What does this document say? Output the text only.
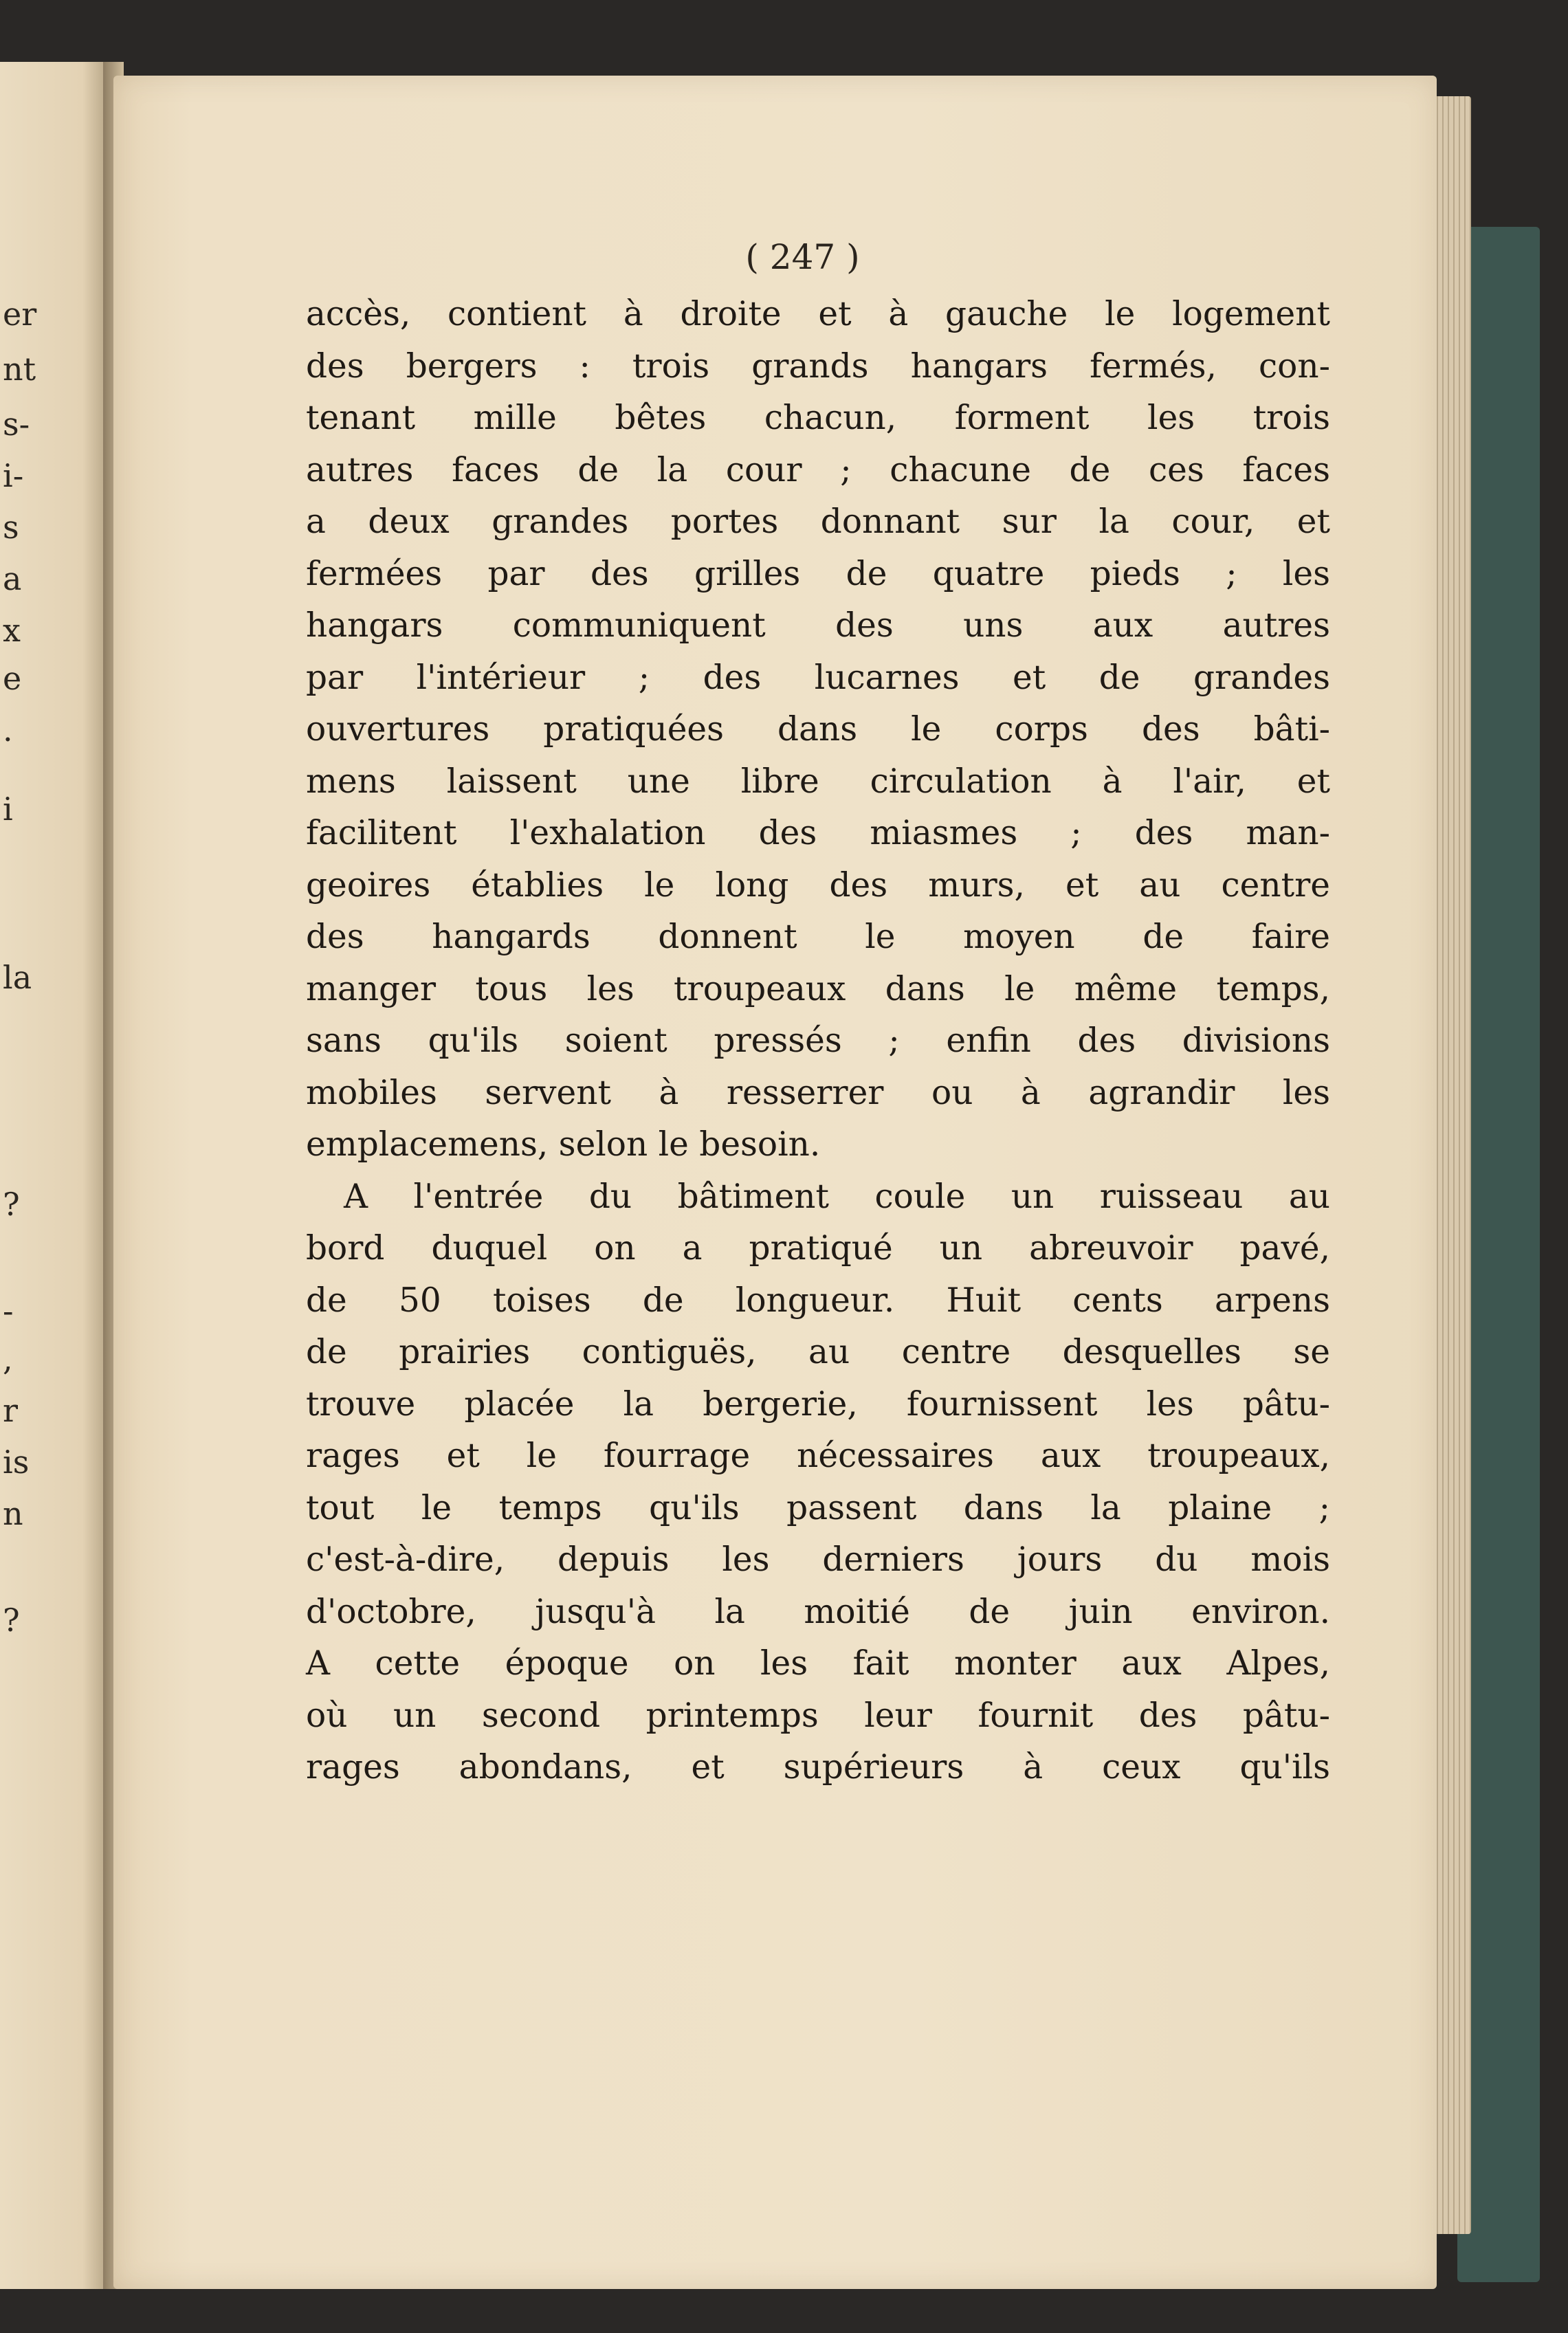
er
nt
s-
i-
s
a
x
e
.
i
la
?
-
,
r
is
n
?
( 247 )
accès, contient à droite et à gauche le logement
des bergers : trois grands hangars fermés, con-
tenant mille bêtes chacun, forment les trois
autres faces de la cour ; chacune de ces faces
a deux grandes portes donnant sur la cour, et
fermées par des grilles de quatre pieds ; les
hangars communiquent des uns aux autres
par l'intérieur ; des lucarnes et de grandes
ouvertures pratiquées dans le corps des bâti-
mens laissent une libre circulation à l'air, et
facilitent l'exhalation des miasmes ; des man-
geoires établies le long des murs, et au centre
des hangards donnent le moyen de faire
manger tous les troupeaux dans le même temps,
sans qu'ils soient pressés ; enfin des divisions
mobiles servent à resserrer ou à agrandir les
emplacemens, selon le besoin.
A l'entrée du bâtiment coule un ruisseau au
bord duquel on a pratiqué un abreuvoir pavé,
de 50 toises de longueur. Huit cents arpens
de prairies contiguës, au centre desquelles se
trouve placée la bergerie, fournissent les pâtu-
rages et le fourrage nécessaires aux troupeaux,
tout le temps qu'ils passent dans la plaine ;
c'est-à-dire, depuis les derniers jours du mois
d'octobre, jusqu'à la moitié de juin environ.
A cette époque on les fait monter aux Alpes,
où un second printemps leur fournit des pâtu-
rages abondans, et supérieurs à ceux qu'ils
